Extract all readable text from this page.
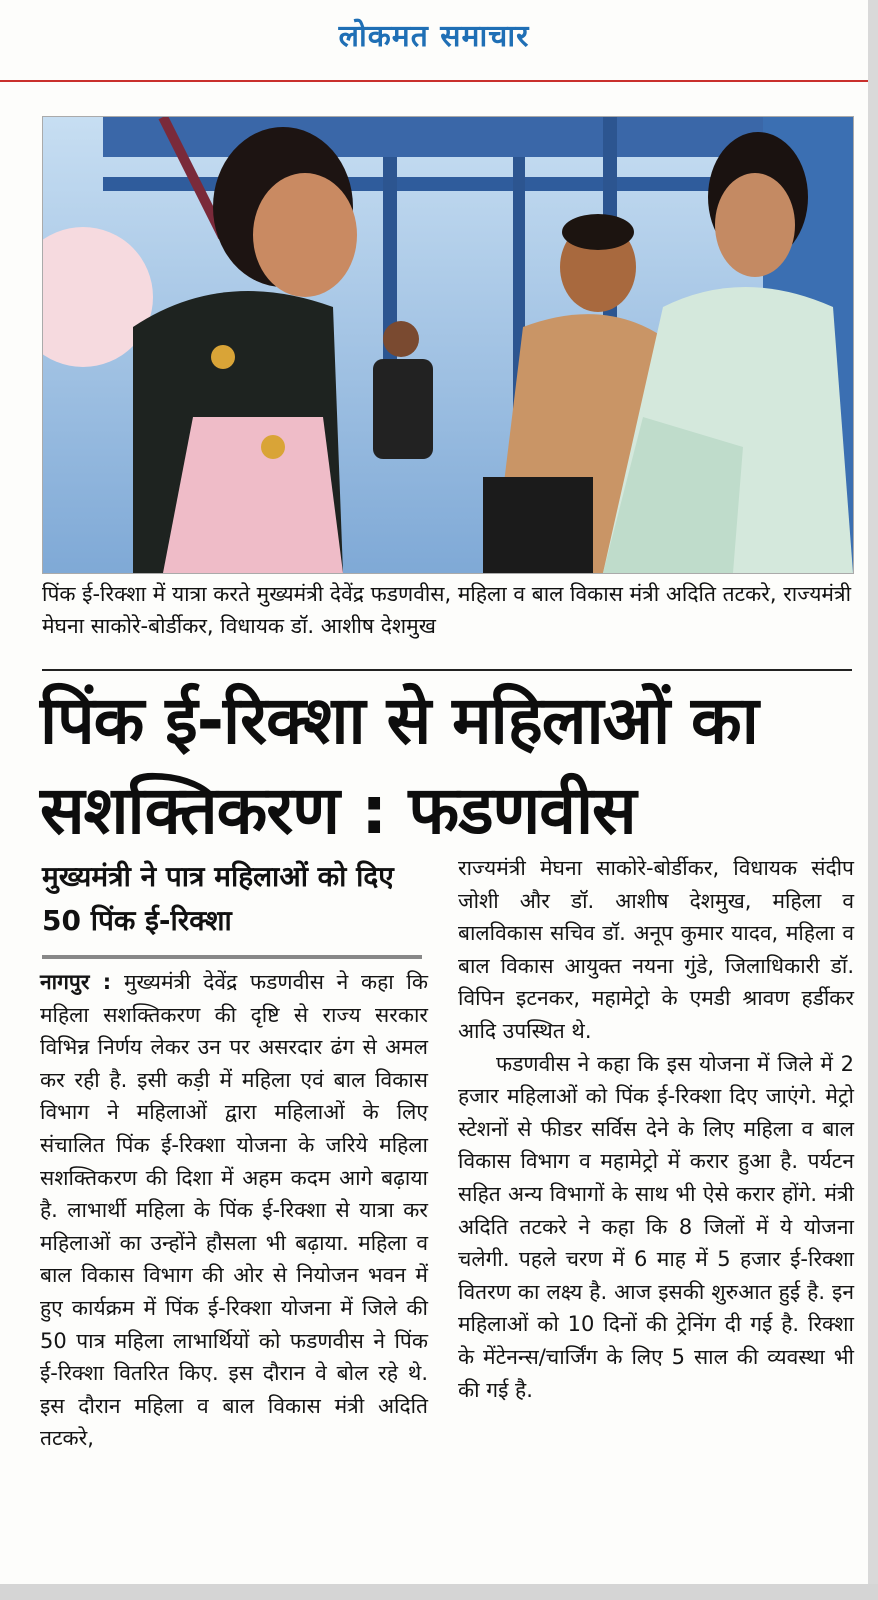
लोकमत समाचार
पिंक ई-रिक्शा में यात्रा करते मुख्यमंत्री देवेंद्र फडणवीस, महिला व बाल विकास मंत्री अदिति तटकरे, राज्यमंत्री मेघना साकोरे-बोर्डीकर, विधायक डॉ. आशीष देशमुख
पिंक ई-रिक्शा से महिलाओं का सशक्तिकरण : फडणवीस
मुख्यमंत्री ने पात्र महिलाओं को दिए 50 पिंक ई-रिक्शा

नागपुर : मुख्यमंत्री देवेंद्र फडणवीस ने कहा कि महिला सशक्तिकरण की दृष्टि से राज्य सरकार विभिन्न निर्णय लेकर उन पर असरदार ढंग से अमल कर रही है. इसी कड़ी में महिला एवं बाल विकास विभाग ने महिलाओं द्वारा महिलाओं के लिए संचालित पिंक ई-रिक्शा योजना के जरिये महिला सशक्तिकरण की दिशा में अहम कदम आगे बढ़ाया है. लाभार्थी महिला के पिंक ई-रिक्शा से यात्रा कर महिलाओं का उन्होंने हौसला भी बढ़ाया. महिला व बाल विकास विभाग की ओर से नियोजन भवन में हुए कार्यक्रम में पिंक ई-रिक्शा योजना में जिले की 50 पात्र महिला लाभार्थियों को फडणवीस ने पिंक ई-रिक्शा वितरित किए. इस दौरान वे बोल रहे थे. इस दौरान महिला व बाल विकास मंत्री अदिति तटकरे,

राज्यमंत्री मेघना साकोरे-बोर्डीकर, विधायक संदीप जोशी और डॉ. आशीष देशमुख, महिला व बालविकास सचिव डॉ. अनूप कुमार यादव, महिला व बाल विकास आयुक्त नयना गुंडे, जिलाधिकारी डॉ. विपिन इटनकर, महामेट्रो के एमडी श्रावण हर्डीकर आदि उपस्थित थे.

फडणवीस ने कहा कि इस योजना में जिले में 2 हजार महिलाओं को पिंक ई-रिक्शा दिए जाएंगे. मेट्रो स्टेशनों से फीडर सर्विस देने के लिए महिला व बाल विकास विभाग व महामेट्रो में करार हुआ है. पर्यटन सहित अन्य विभागों के साथ भी ऐसे करार होंगे. मंत्री अदिति तटकरे ने कहा कि 8 जिलों में ये योजना चलेगी. पहले चरण में 6 माह में 5 हजार ई-रिक्शा वितरण का लक्ष्य है. आज इसकी शुरुआत हुई है. इन महिलाओं को 10 दिनों की ट्रेनिंग दी गई है. रिक्शा के मेंटेनन्स/चार्जिंग के लिए 5 साल की व्यवस्था भी की गई है.
